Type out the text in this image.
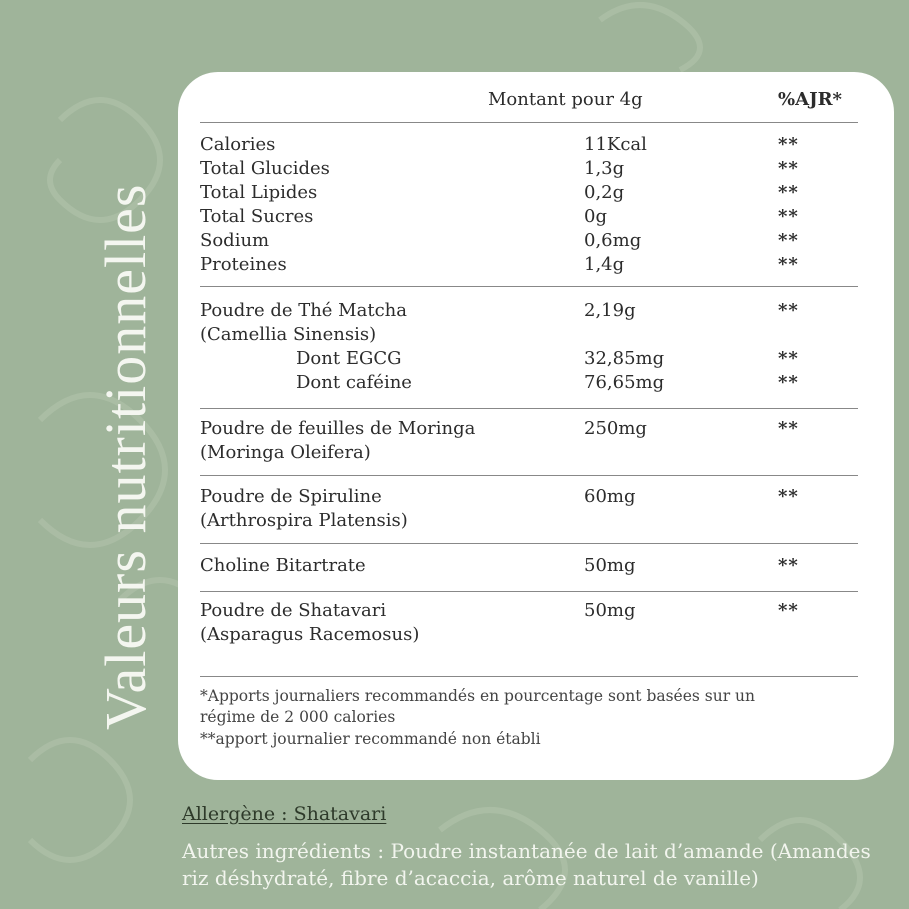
Valeurs nutritionnelles
Montant pour 4g	%AJR*
Calories	11Kcal	**
Total Glucides	1,3g	**
Total Lipides	0,2g	**
Total Sucres	0g	**
Sodium	0,6mg	**
Proteines	1,4g	**
Poudre de Thé Matcha	2,19g	**
(Camellia Sinensis)
Dont EGCG	32,85mg	**
Dont caféine	76,65mg	**
Poudre de feuilles de Moringa	250mg	**
(Moringa Oleifera)
Poudre de Spiruline	60mg	**
(Arthrospira Platensis)
Choline Bitartrate	50mg	**
Poudre de Shatavari	50mg	**
(Asparagus Racemosus)
*Apports journaliers recommandés en pourcentage sont basées sur un
régime de 2 000 calories
**apport journalier recommandé non établi
Allergène : Shatavari
Autres ingrédients : Poudre instantanée de lait d’amande (Amandes
riz déshydraté, fibre d’acaccia, arôme naturel de vanille)
